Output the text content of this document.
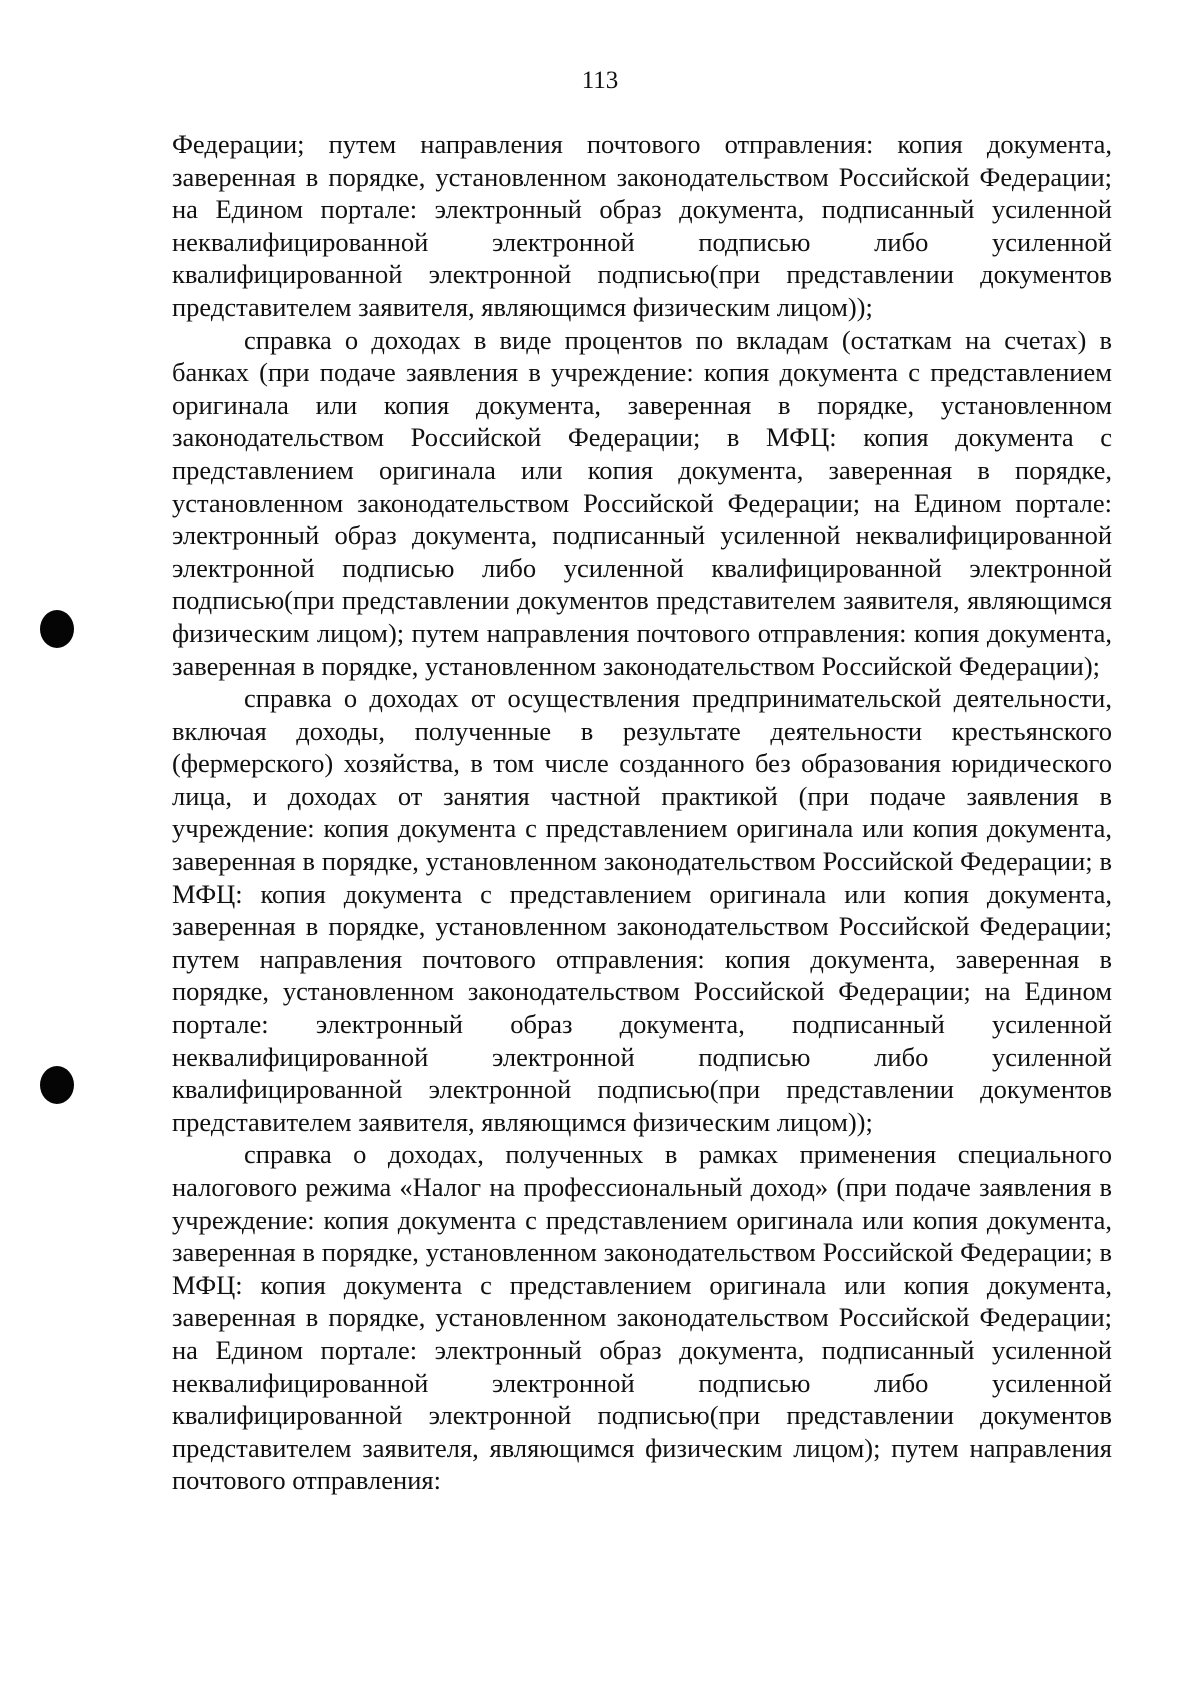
113

Федерации; путем направления почтового отправления: копия документа, заверенная в порядке, установленном законодательством Российской Федерации; на Едином портале: электронный образ документа, подписанный усиленной неквалифицированной электронной подписью либо усиленной квалифицированной электронной подписью(при представлении документов представителем заявителя, являющимся физическим лицом));

справка о доходах в виде процентов по вкладам (остаткам на счетах) в банках (при подаче заявления в учреждение: копия документа с представлением оригинала или копия документа, заверенная в порядке, установленном законодательством Российской Федерации; в МФЦ: копия документа с представлением оригинала или копия документа, заверенная в порядке, установленном законодательством Российской Федерации; на Едином портале: электронный образ документа, подписанный усиленной неквалифицированной электронной подписью либо усиленной квалифицированной электронной подписью(при представлении документов представителем заявителя, являющимся физическим лицом); путем направления почтового отправления: копия документа, заверенная в порядке, установленном законодательством Российской Федерации);

справка о доходах от осуществления предпринимательской деятельности, включая доходы, полученные в результате деятельности крестьянского (фермерского) хозяйства, в том числе созданного без образования юридического лица, и доходах от занятия частной практикой (при подаче заявления в учреждение: копия документа с представлением оригинала или копия документа, заверенная в порядке, установленном законодательством Российской Федерации; в МФЦ: копия документа с представлением оригинала или копия документа, заверенная в порядке, установленном законодательством Российской Федерации; путем направления почтового отправления: копия документа, заверенная в порядке, установленном законодательством Российской Федерации; на Едином портале: электронный образ документа, подписанный усиленной неквалифицированной электронной подписью либо усиленной квалифицированной электронной подписью(при представлении документов представителем заявителя, являющимся физическим лицом));

справка о доходах, полученных в рамках применения специального налогового режима «Налог на профессиональный доход» (при подаче заявления в учреждение: копия документа с представлением оригинала или копия документа, заверенная в порядке, установленном законодательством Российской Федерации; в МФЦ: копия документа с представлением оригинала или копия документа, заверенная в порядке, установленном законодательством Российской Федерации; на Едином портале: электронный образ документа, подписанный усиленной неквалифицированной электронной подписью либо усиленной квалифицированной электронной подписью(при представлении документов представителем заявителя, являющимся физическим лицом); путем направления почтового отправления:
